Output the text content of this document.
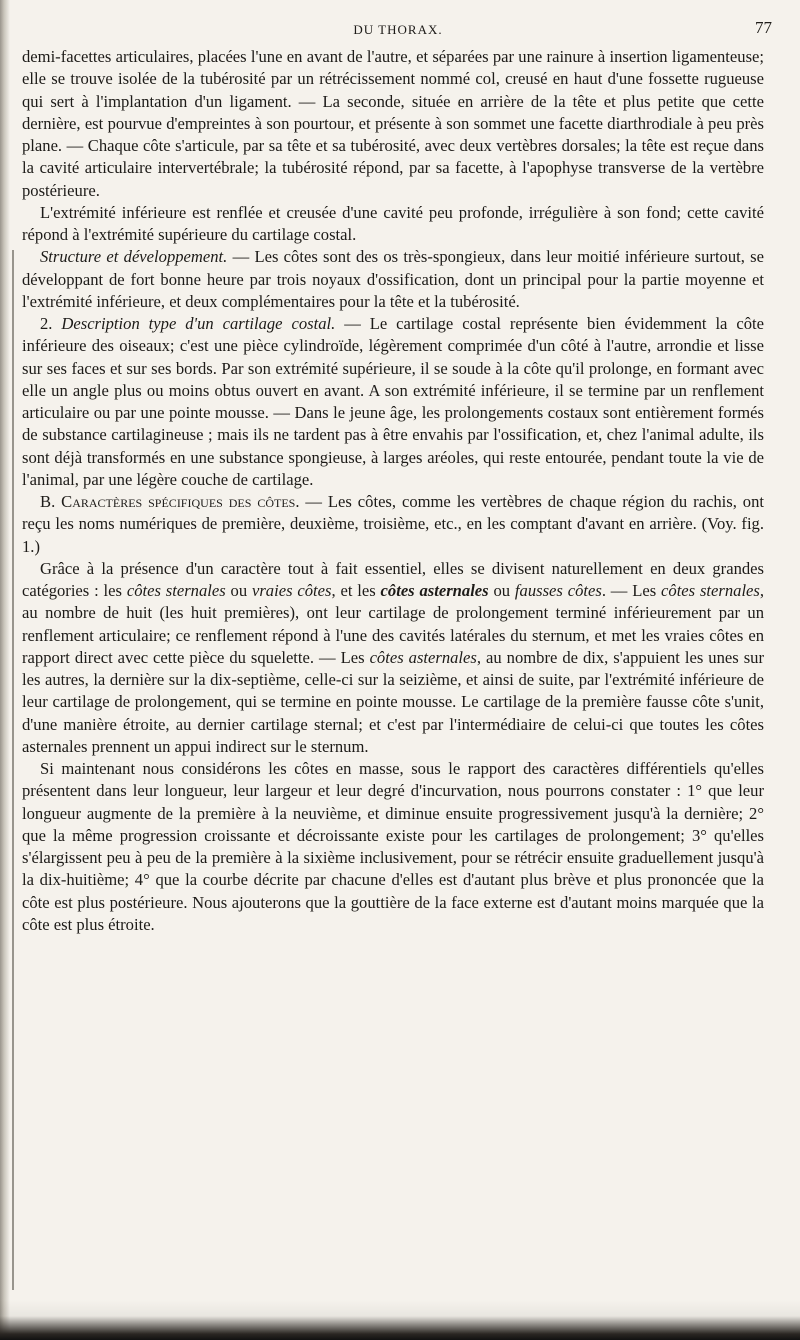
DU THORAX.	77

demi-facettes articulaires, placées l'une en avant de l'autre, et séparées par une rainure à insertion ligamenteuse; elle se trouve isolée de la tubérosité par un rétrécissement nommé col, creusé en haut d'une fossette rugueuse qui sert à l'implantation d'un ligament. — La seconde, située en arrière de la tête et plus petite que cette dernière, est pourvue d'empreintes à son pourtour, et présente à son sommet une facette diarthrodiale à peu près plane. — Chaque côte s'articule, par sa tête et sa tubérosité, avec deux vertèbres dorsales; la tête est reçue dans la cavité articulaire intervertébrale; la tubérosité répond, par sa facette, à l'apophyse transverse de la vertèbre postérieure.

L'extrémité inférieure est renflée et creusée d'une cavité peu profonde, irrégulière à son fond; cette cavité répond à l'extrémité supérieure du cartilage costal.

Structure et développement. — Les côtes sont des os très-spongieux, dans leur moitié inférieure surtout, se développant de fort bonne heure par trois noyaux d'ossification, dont un principal pour la partie moyenne et l'extrémité inférieure, et deux complémentaires pour la tête et la tubérosité.

2. Description type d'un cartilage costal. — Le cartilage costal représente bien évidemment la côte inférieure des oiseaux; c'est une pièce cylindroïde, légèrement comprimée d'un côté à l'autre, arrondie et lisse sur ses faces et sur ses bords. Par son extrémité supérieure, il se soude à la côte qu'il prolonge, en formant avec elle un angle plus ou moins obtus ouvert en avant. A son extrémité inférieure, il se termine par un renflement articulaire ou par une pointe mousse. — Dans le jeune âge, les prolongements costaux sont entièrement formés de substance cartilagineuse ; mais ils ne tardent pas à être envahis par l'ossification, et, chez l'animal adulte, ils sont déjà transformés en une substance spongieuse, à larges aréoles, qui reste entourée, pendant toute la vie de l'animal, par une légère couche de cartilage.

B. Caractères spécifiques des côtes. — Les côtes, comme les vertèbres de chaque région du rachis, ont reçu les noms numériques de première, deuxième, troisième, etc., en les comptant d'avant en arrière. (Voy. fig. 1.)

Grâce à la présence d'un caractère tout à fait essentiel, elles se divisent naturellement en deux grandes catégories : les côtes sternales ou vraies côtes, et les côtes asternales ou fausses côtes. — Les côtes sternales, au nombre de huit (les huit premières), ont leur cartilage de prolongement terminé inférieurement par un renflement articulaire; ce renflement répond à l'une des cavités latérales du sternum, et met les vraies côtes en rapport direct avec cette pièce du squelette. — Les côtes asternales, au nombre de dix, s'appuient les unes sur les autres, la dernière sur la dix-septième, celle-ci sur la seizième, et ainsi de suite, par l'extrémité inférieure de leur cartilage de prolongement, qui se termine en pointe mousse. Le cartilage de la première fausse côte s'unit, d'une manière étroite, au dernier cartilage sternal; et c'est par l'intermédiaire de celui-ci que toutes les côtes asternales prennent un appui indirect sur le sternum.

Si maintenant nous considérons les côtes en masse, sous le rapport des caractères différentiels qu'elles présentent dans leur longueur, leur largeur et leur degré d'incurvation, nous pourrons constater : 1° que leur longueur augmente de la première à la neuvième, et diminue ensuite progressivement jusqu'à la dernière; 2° que la même progression croissante et décroissante existe pour les cartilages de prolongement; 3° qu'elles s'élargissent peu à peu de la première à la sixième inclusivement, pour se rétrécir ensuite graduellement jusqu'à la dix-huitième; 4° que la courbe décrite par chacune d'elles est d'autant plus brève et plus prononcée que la côte est plus postérieure. Nous ajouterons que la gouttière de la face externe est d'autant moins marquée que la côte est plus étroite.
